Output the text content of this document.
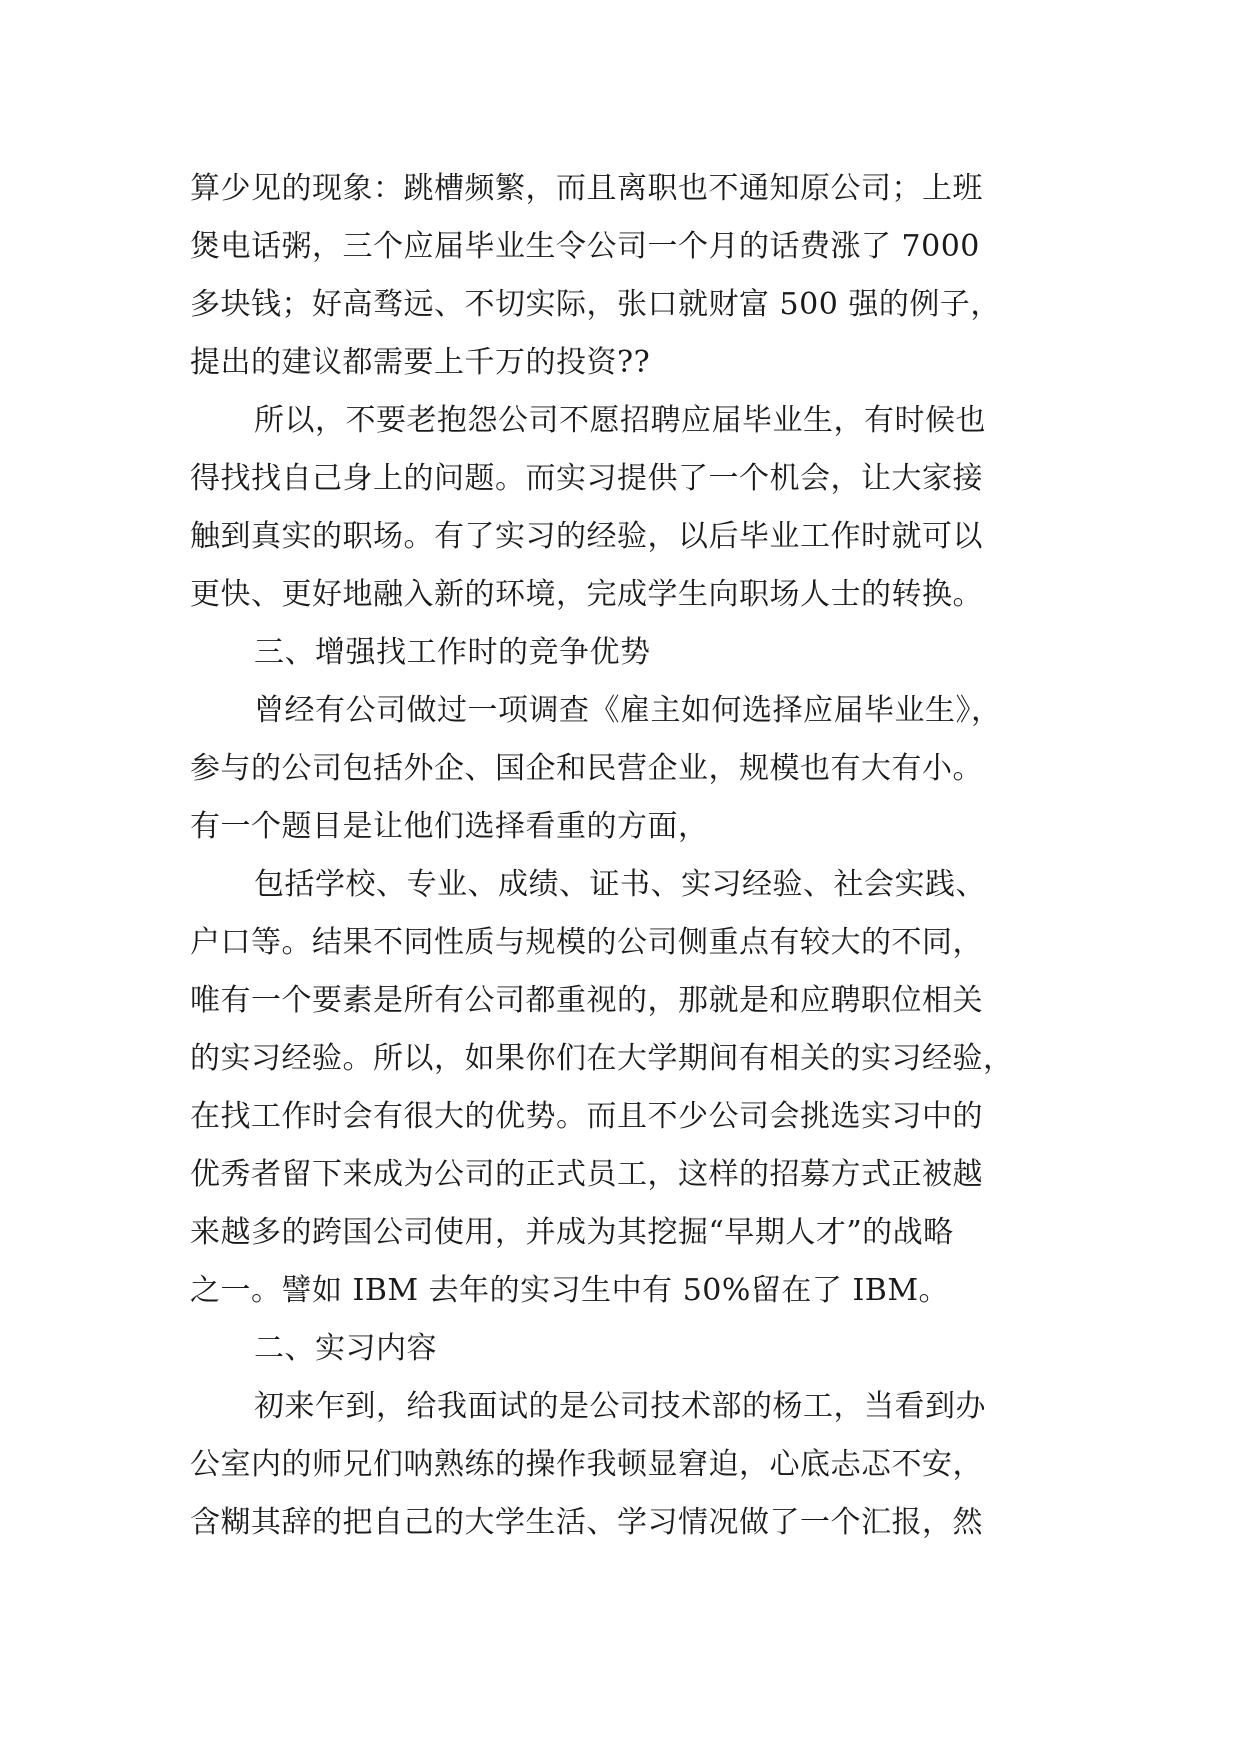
算少见的现象：跳槽频繁，而且离职也不通知原公司；上班
煲电话粥，三个应届毕业生令公司一个月的话费涨了 7000
多块钱；好高骛远、不切实际，张口就财富 500 强的例子，
提出的建议都需要上千万的投资??
所以，不要老抱怨公司不愿招聘应届毕业生，有时候也
得找找自己身上的问题。而实习提供了一个机会，让大家接
触到真实的职场。有了实习的经验，以后毕业工作时就可以
更快、更好地融入新的环境，完成学生向职场人士的转换。
三、增强找工作时的竞争优势
曾经有公司做过一项调查《雇主如何选择应届毕业生》，
参与的公司包括外企、国企和民营企业，规模也有大有小。
有一个题目是让他们选择看重的方面，
包括学校、专业、成绩、证书、实习经验、社会实践、
户口等。结果不同性质与规模的公司侧重点有较大的不同，
唯有一个要素是所有公司都重视的，那就是和应聘职位相关
的实习经验。所以，如果你们在大学期间有相关的实习经验，
在找工作时会有很大的优势。而且不少公司会挑选实习中的
优秀者留下来成为公司的正式员工，这样的招募方式正被越
来越多的跨国公司使用，并成为其挖掘“早期人才”的战略
之一。譬如 IBM 去年的实习生中有 50%留在了 IBM。
二、实习内容
初来乍到，给我面试的是公司技术部的杨工，当看到办
公室内的师兄们呐熟练的操作我顿显窘迫，心底忐忑不安，
含糊其辞的把自己的大学生活、学习情况做了一个汇报，然
